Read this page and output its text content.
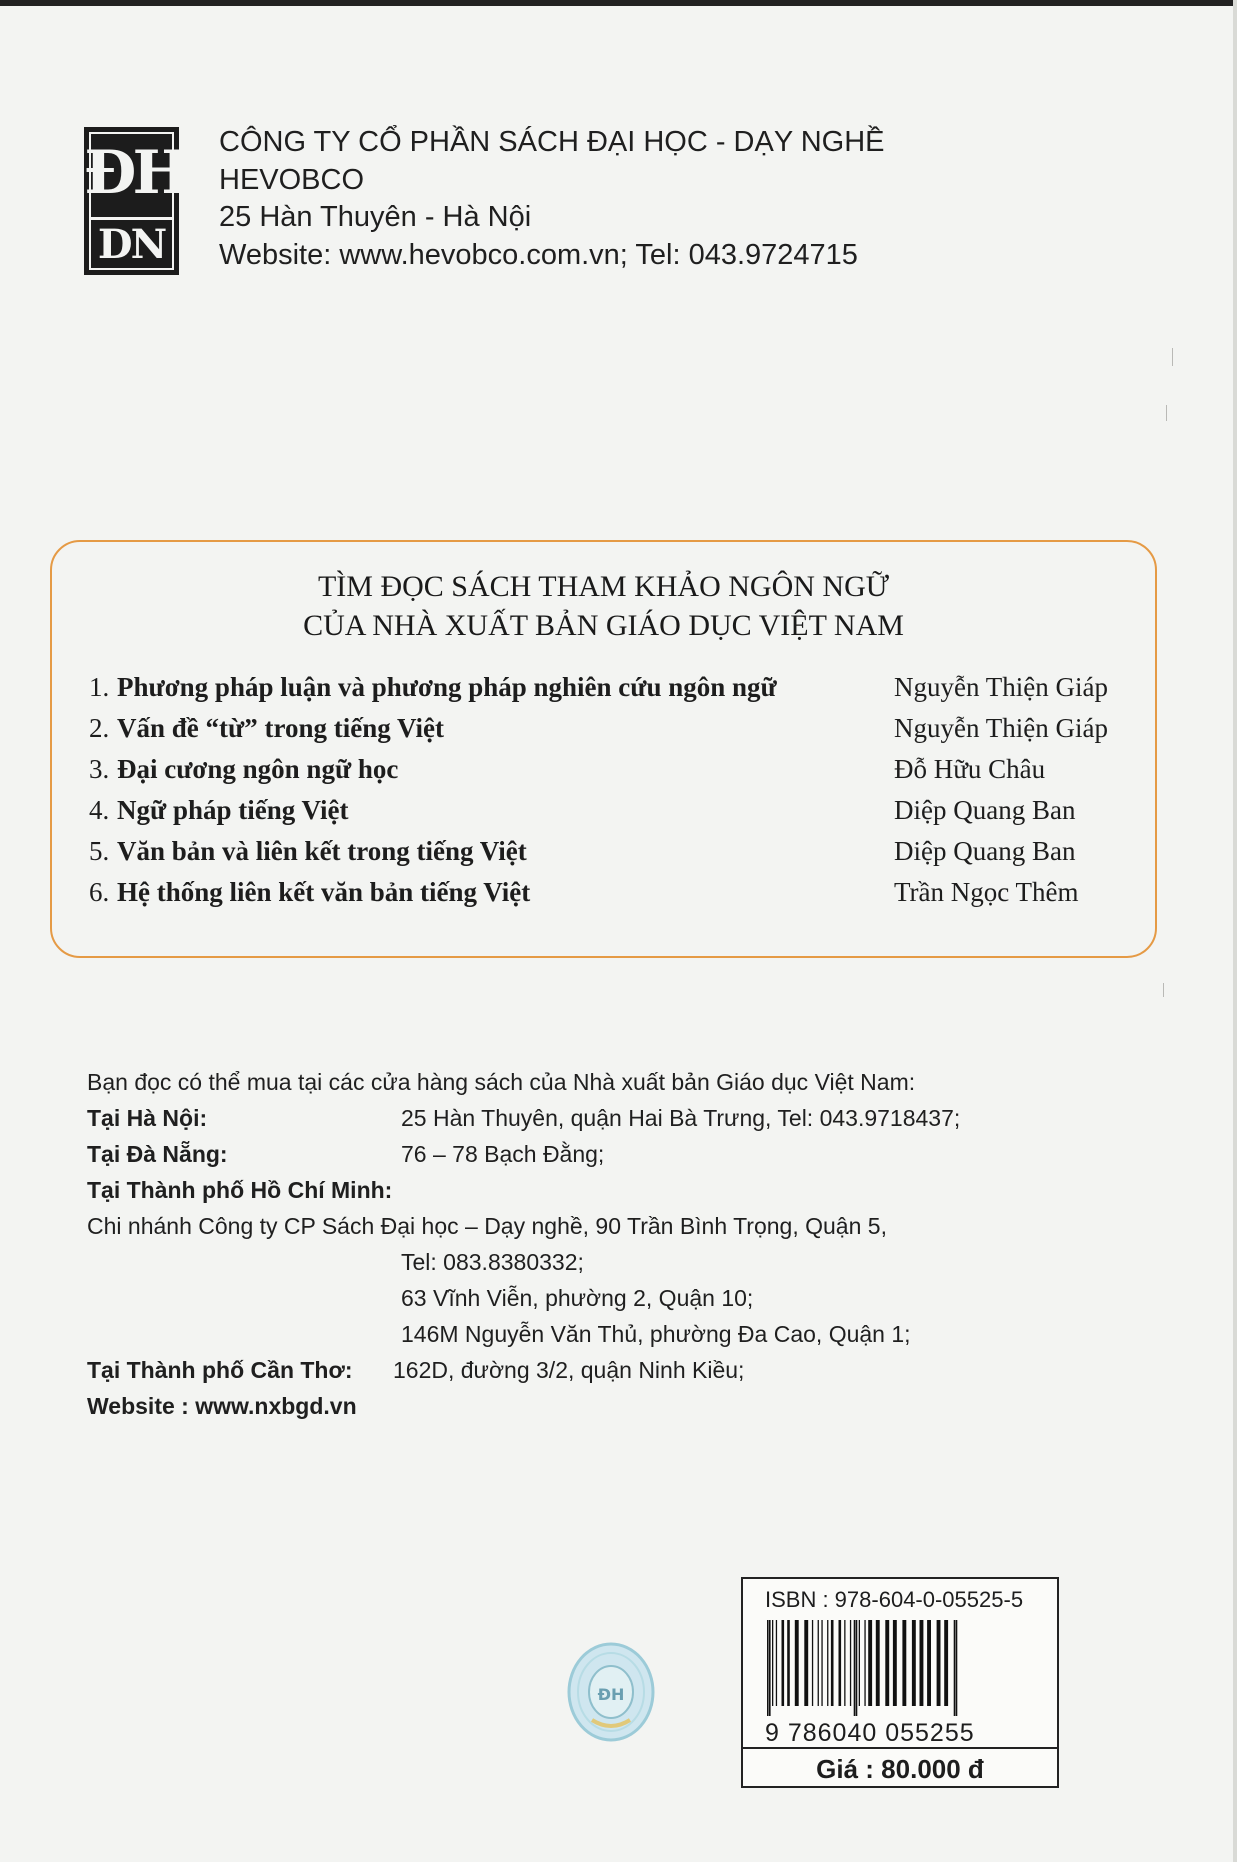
ĐH
DN
CÔNG TY CỔ PHẦN SÁCH ĐẠI HỌC - DẠY NGHỀ
HEVOBCO
25 Hàn Thuyên - Hà Nội
Website: www.hevobco.com.vn; Tel: 043.9724715
TÌM ĐỌC SÁCH THAM KHẢO NGÔN NGỮ
CỦA NHÀ XUẤT BẢN GIÁO DỤC VIỆT NAM
1. Phương pháp luận và phương pháp nghiên cứu ngôn ngữ	Nguyễn Thiện Giáp
2. Vấn đề “từ” trong tiếng Việt	Nguyễn Thiện Giáp
3. Đại cương ngôn ngữ học	Đỗ Hữu Châu
4. Ngữ pháp tiếng Việt	Diệp Quang Ban
5. Văn bản và liên kết trong tiếng Việt	Diệp Quang Ban
6. Hệ thống liên kết văn bản tiếng Việt	Trần Ngọc Thêm
Bạn đọc có thể mua tại các cửa hàng sách của Nhà xuất bản Giáo dục Việt Nam:
Tại Hà Nội:	25 Hàn Thuyên, quận Hai Bà Trưng, Tel: 043.9718437;
Tại Đà Nẵng:	76 – 78 Bạch Đằng;
Tại Thành phố Hồ Chí Minh:
Chi nhánh Công ty CP Sách Đại học – Dạy nghề, 90 Trần Bình Trọng, Quận 5,
Tel: 083.8380332;
63 Vĩnh Viễn, phường 2, Quận 10;
146M Nguyễn Văn Thủ, phường Đa Cao, Quận 1;
Tại Thành phố Cần Thơ: 162D, đường 3/2, quận Ninh Kiều;
Website : www.nxbgd.vn
ĐH
ISBN : 978-604-0-05525-5
9 786040 055255
Giá : 80.000 đ
